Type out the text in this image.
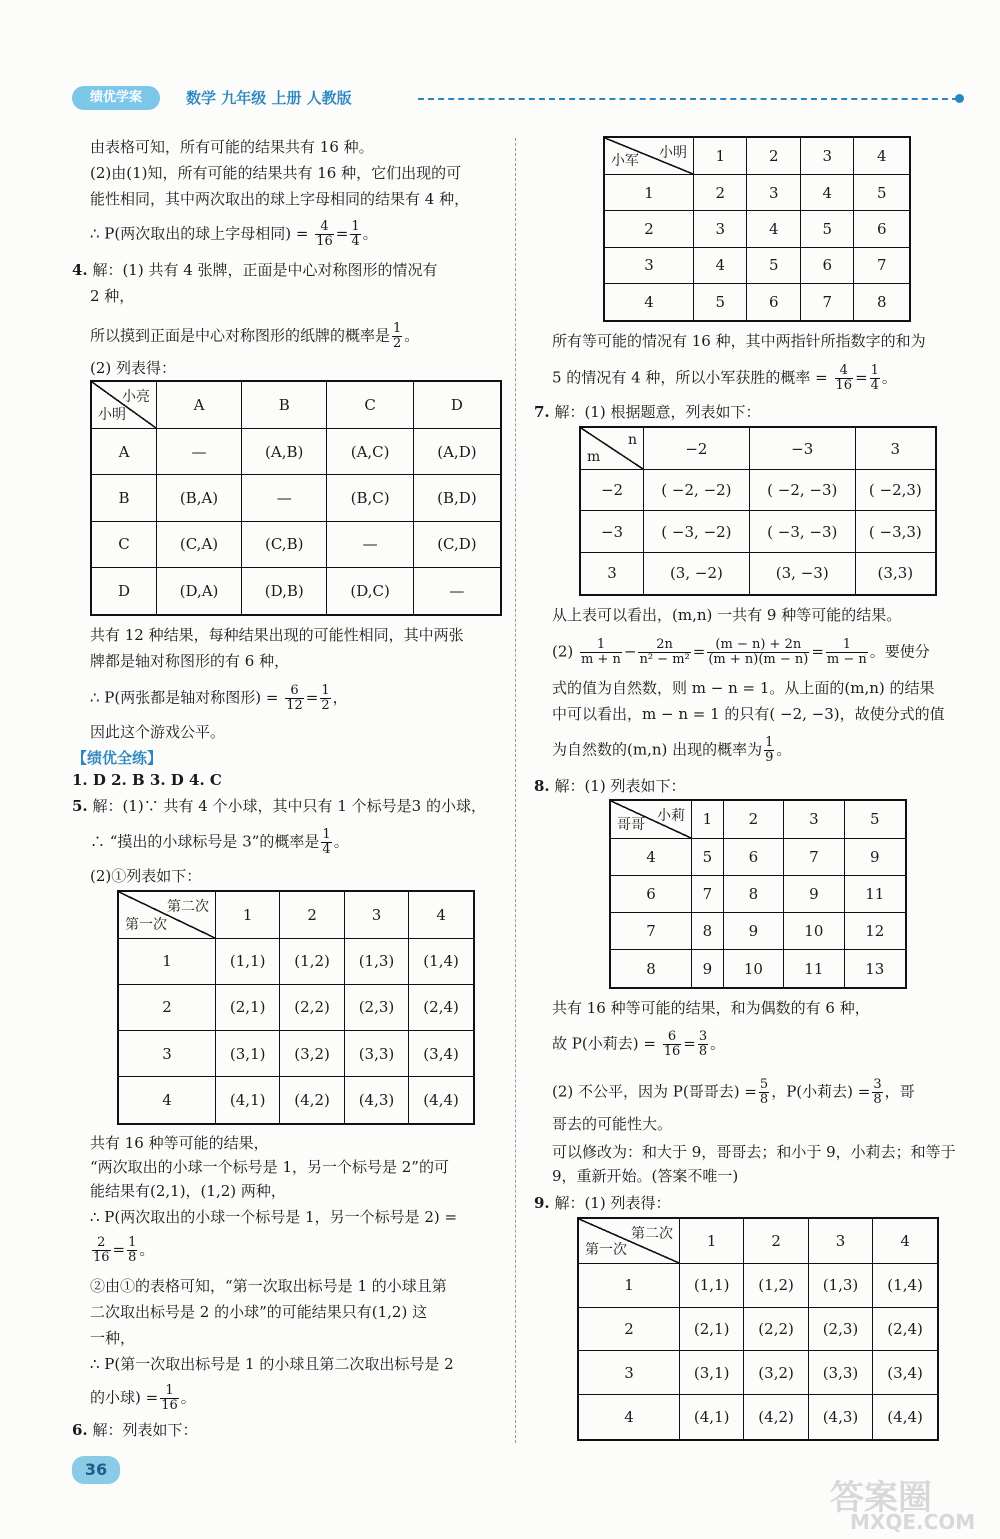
绩优学案	数学 九年级 上册 人教版
由表格可知，所有可能的结果共有 16 种。
(2)由(1)知，所有可能的结果共有 16 种，它们出现的可
能性相同，其中两次取出的球上字母相同的结果有 4 种，
∴ P(两次取出的球上字母相同) = $\frac{4}{16} = \frac{1}{4}$ 。
4. 解：(1) 共有 4 张牌，正面是中心对称图形的情况有
2 种，
所以摸到正面是中心对称图形的纸牌的概率是 $\frac{1}{2}$ 。
(2) 列表得：
小亮
小明	A	B	C	D
A	—	(A,B)	(A,C)	(A,D)
B	(B,A)	—	(B,C)	(B,D)
C	(C,A)	(C,B)	—	(C,D)
D	(D,A)	(D,B)	(D,C)	—
共有 12 种结果，每种结果出现的可能性相同，其中两张
牌都是轴对称图形的有 6 种，
∴ P(两张都是轴对称图形) = $\frac{6}{12} = \frac{1}{2}$ ，
因此这个游戏公平。
【绩优全练】
1. D 2. B 3. D 4. C
5. 解：(1)∵ 共有 4 个小球，其中只有 1 个标号是3 的小球，
∴ “摸出的小球标号是 3”的概率是 $\frac{1}{4}$ 。
(2)①列表如下：
第二次
第一次	1	2	3	4
1	(1,1)	(1,2)	(1,3)	(1,4)
2	(2,1)	(2,2)	(2,3)	(2,4)
3	(3,1)	(3,2)	(3,3)	(3,4)
4	(4,1)	(4,2)	(4,3)	(4,4)
共有 16 种等可能的结果，
“两次取出的小球一个标号是 1，另一个标号是 2”的可
能结果有(2,1)，(1,2) 两种，
∴ P(两次取出的小球一个标号是 1，另一个标号是 2) =
$\frac{2}{16} = \frac{1}{8}$ 。
②由①的表格可知，“第一次取出标号是 1 的小球且第
二次取出标号是 2 的小球”的可能结果只有(1,2) 这
一种，
∴ P(第一次取出标号是 1 的小球且第二次取出标号是 2
的小球) = $\frac{1}{16}$ 。
6. 解：列表如下：
小明
小军	1	2	3	4
1	2	3	4	5
2	3	4	5	6
3	4	5	6	7
4	5	6	7	8
所有等可能的情况有 16 种，其中两指针所指数字的和为
5 的情况有 4 种，所以小军获胜的概率 = $\frac{4}{16} = \frac{1}{4}$ 。
7. 解：(1) 根据题意，列表如下：
n
m	−2	−3	3
−2	( −2, −2)	( −2, −3)	( −2,3)
−3	( −3, −2)	( −3, −3)	( −3,3)
3	(3, −2)	(3, −3)	(3,3)
从上表可以看出，(m,n) 一共有 9 种等可能的结果。
$(2) \frac{1}{m + n} - \frac{2n}{\text{n² − m²}} = \frac{(m - n) + 2n}{(m + n)(m - n)} = \frac{1}{m - n}$ 。要使分
式的值为自然数，则 m − n = 1。从上面的(m,n) 的结果
中可以看出，m − n = 1 的只有( −2, −3)，故使分式的值
为自然数的(m,n) 出现的概率为 $\frac{1}{9}$ 。
8. 解：(1) 列表如下：
小莉
哥哥	1	2	3	5
4	5	6	7	9
6	7	8	9	11
7	8	9	10	12
8	9	10	11	13
共有 16 种等可能的结果，和为偶数的有 6 种，
故 P(小莉去) = $\frac{6}{16} = \frac{3}{8}$ 。
(2) 不公平，因为 P(哥哥去) = $\frac{5}{8}$ ，P(小莉去) = $\frac{3}{8}$ ，哥
哥去的可能性大。
可以修改为：和大于 9，哥哥去；和小于 9，小莉去；和等于
9，重新开始。(答案不唯一)
9. 解：(1) 列表得：
第二次
第一次	1	2	3	4
1	(1,1)	(1,2)	(1,3)	(1,4)
2	(2,1)	(2,2)	(2,3)	(2,4)
3	(3,1)	(3,2)	(3,3)	(3,4)
4	(4,1)	(4,2)	(4,3)	(4,4)
36
答案圈
MXQE.COM
